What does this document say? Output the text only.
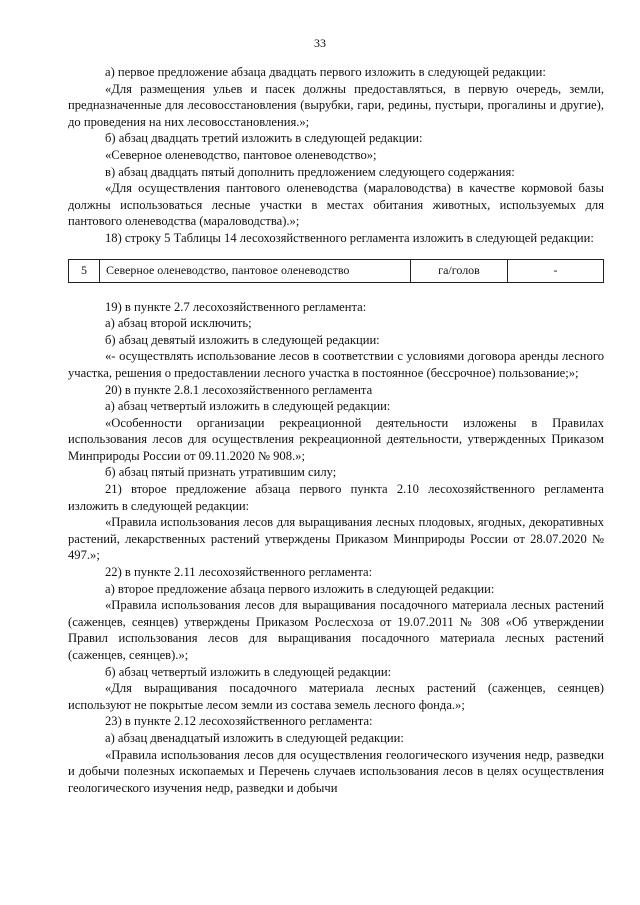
33

а) первое предложение абзаца двадцать первого изложить в следующей редакции:

«Для размещения ульев и пасек должны предоставляться, в первую очередь, земли, предназначенные для лесовосстановления (вырубки, гари, редины, пустыри, прогалины и другие), до проведения на них лесовосстановления.»;

б) абзац двадцать третий изложить в следующей редакции:

«Северное оленеводство, пантовое оленеводство»;

в) абзац двадцать пятый дополнить предложением следующего содержания:

«Для осуществления пантового оленеводства (мараловодства) в качестве кормовой базы должны использоваться лесные участки в местах обитания животных, используемых для пантового оленеводства (мараловодства).»;

18) строку 5 Таблицы 14 лесохозяйственного регламента изложить в следующей редакции:

5	Северное оленеводство, пантовое оленеводство	га/голов	-

19) в пункте 2.7 лесохозяйственного регламента:

а) абзац второй исключить;

б) абзац девятый изложить в следующей редакции:

«- осуществлять использование лесов в соответствии с условиями договора аренды лесного участка, решения о предоставлении лесного участка в постоянное (бессрочное) пользование;»;

20) в пункте 2.8.1 лесохозяйственного регламента

а) абзац четвертый изложить в следующей редакции:

«Особенности организации рекреационной деятельности изложены в Правилах использования лесов для осуществления рекреационной деятельности, утвержденных Приказом Минприроды России от 09.11.2020 № 908.»;

б) абзац пятый признать утратившим силу;

21) второе предложение абзаца первого пункта 2.10 лесохозяйственного регламента изложить в следующей редакции:

«Правила использования лесов для выращивания лесных плодовых, ягодных, декоративных растений, лекарственных растений утверждены Приказом Минприроды России от 28.07.2020 № 497.»;

22) в пункте 2.11 лесохозяйственного регламента:

а) второе предложение абзаца первого изложить в следующей редакции:

«Правила использования лесов для выращивания посадочного материала лесных растений (саженцев, сеянцев) утверждены Приказом Рослесхоза от 19.07.2011 № 308 «Об утверждении Правил использования лесов для выращивания посадочного материала лесных растений (саженцев, сеянцев).»;

б) абзац четвертый изложить в следующей редакции:

«Для выращивания посадочного материала лесных растений (саженцев, сеянцев) используют не покрытые лесом земли из состава земель лесного фонда.»;

23) в пункте 2.12 лесохозяйственного регламента:

а) абзац двенадцатый изложить в следующей редакции:

«Правила использования лесов для осуществления геологического изучения недр, разведки и добычи полезных ископаемых и Перечень случаев использования лесов в целях осуществления геологического изучения недр, разведки и добычи
